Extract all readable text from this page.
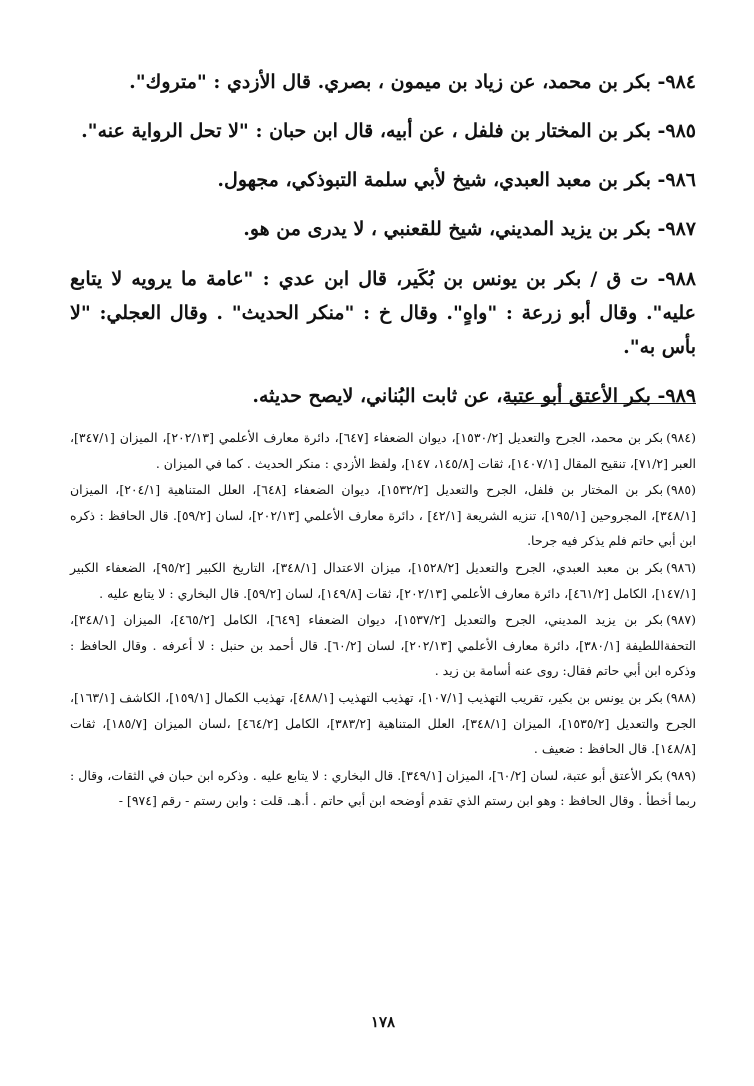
٩٨٤- بكر بن محمد، عن زياد بن ميمون ، بصري. قال الأزدي : "متروك".

٩٨٥- بكر بن المختار بن فلفل ، عن أبيه، قال ابن حبان : "لا تحل الرواية عنه".

٩٨٦- بكر بن معبد العبدي، شيخ لأبي سلمة التبوذكي، مجهول.

٩٨٧- بكر بن يزيد المديني، شيخ للقعنبي ، لا يدرى من هو.

٩٨٨- ت ق / بكر بن يونس بن بُكَير، قال ابن عدي : "عامة ما يرويه لا يتابع عليه". وقال أبو زرعة : "واهٍ". وقال خ : "منكر الحديث" . وقال العجلي: "لا بأس به".

٩٨٩- بكر الأعتق أبو عتبة، عن ثابت البُناني، لايصح حديثه.

(٩٨٤)بكر بن محمد، الجرح والتعديل [١٥٣٠/٢]، ديوان الضعفاء [٦٤٧]، دائرة معارف الأعلمي [٢٠٢/١٣]، الميزان [٣٤٧/١]، العبر [٧١/٢]، تنقيح المقال [١٤٠٧/١]، ثقات [١٤٥/٨، ١٤٧]، ولفظ الأزدي : منكر الحديث . كما في الميزان .

(٩٨٥)بكر بن المختار بن فلفل، الجرح والتعديل [١٥٣٢/٢]، ديوان الضعفاء [٦٤٨]، العلل المتناهية [٢٠٤/١]، الميزان [٣٤٨/١]، المجروحين [١٩٥/١]، تنزيه الشريعة [٤٢/١] ، دائرة معارف الأعلمي [٢٠٢/١٣]، لسان [٥٩/٢]. قال الحافظ : ذكره ابن أبي حاتم فلم يذكر فيه جرحا.

(٩٨٦)بكر بن معبد العبدي، الجرح والتعديل [١٥٢٨/٢]، ميزان الاعتدال [٣٤٨/١]، التاريخ الكبير [٩٥/٢]، الضعفاء الكبير [١٤٧/١]، الكامل [٤٦١/٢]، دائرة معارف الأعلمي [٢٠٢/١٣]، ثقات [١٤٩/٨]، لسان [٥٩/٢]. قال البخاري : لا يتابع عليه .

(٩٨٧)بكر بن يزيد المديني، الجرح والتعديل [١٥٣٧/٢]، ديوان الضعفاء [٦٤٩]، الكامل [٤٦٥/٢]، الميزان [٣٤٨/١]، التحفةاللطيفة [٣٨٠/١]، دائرة معارف الأعلمي [٢٠٢/١٣]، لسان [٦٠/٢]. قال أحمد بن حنبل : لا أعرفه . وقال الحافظ : وذكره ابن أبي حاتم فقال: روى عنه أسامة بن زيد .

(٩٨٨)بكر بن يونس بن بكير، تقريب التهذيب [١٠٧/١]، تهذيب التهذيب [٤٨٨/١]، تهذيب الكمال [١٥٩/١]، الكاشف [١٦٣/١]، الجرح والتعديل [١٥٣٥/٢]، الميزان [٣٤٨/١]، العلل المتناهية [٣٨٣/٢]، الكامل [٤٦٤/٢] ،لسان الميزان [١٨٥/٧]، ثقات [١٤٨/٨]. قال الحافظ : ضعيف .

(٩٨٩)بكر الأعتق أبو عتبة، لسان [٦٠/٢]، الميزان [٣٤٩/١]. قال البخاري : لا يتابع عليه . وذكره ابن حبان في الثقات، وقال : ربما أخطأ . وقال الحافظ : وهو ابن رستم الذي تقدم أوضحه ابن أبي حاتم . أ.هـ. قلت : وابن رستم - رقم [٩٧٤] -

١٧٨
